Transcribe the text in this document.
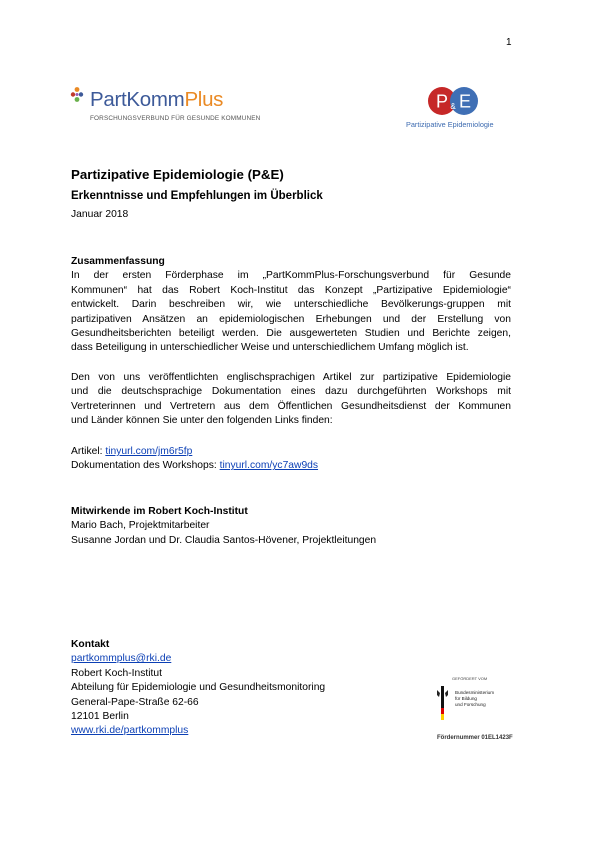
1
PartKommPlus
FORSCHUNGSVERBUND FÜR GESUNDE KOMMUNEN
P & E
Partizipative Epidemiologie
Partizipative Epidemiologie (P&E)
Erkenntnisse und Empfehlungen im Überblick
Januar 2018
Zusammenfassung
In der ersten Förderphase im „PartKommPlus-Forschungsverbund für Gesunde
Kommunen“ hat das Robert Koch-Institut das Konzept „Partizipative Epidemiologie“
entwickelt. Darin beschreiben wir, wie unterschiedliche Bevölkerungs-gruppen mit
partizipativen Ansätzen an epidemiologischen Erhebungen und der Erstellung von
Gesundheitsberichten beteiligt werden. Die ausgewerteten Studien und Berichte zeigen,
dass Beteiligung in unterschiedlicher Weise und unterschiedlichem Umfang möglich ist.
Den von uns veröffentlichten englischsprachigen Artikel zur partizipative Epidemiologie
und die deutschsprachige Dokumentation eines dazu durchgeführten Workshops mit
Vertreterinnen und Vertretern aus dem Öffentlichen Gesundheitsdienst der Kommunen
und Länder können Sie unter den folgenden Links finden:
Artikel: tinyurl.com/jm6r5fp
Dokumentation des Workshops: tinyurl.com/yc7aw9ds
Mitwirkende im Robert Koch-Institut
Mario Bach, Projektmitarbeiter
Susanne Jordan und Dr. Claudia Santos-Hövener, Projektleitungen
Kontakt
partkommplus@rki.de
Robert Koch-Institut
Abteilung für Epidemiologie und Gesundheitsmonitoring
General-Pape-Straße 62-66
12101 Berlin
www.rki.de/partkommplus
GEFÖRDERT VOM
Bundesministerium
für Bildung
und Forschung
Fördernummer 01EL1423F
